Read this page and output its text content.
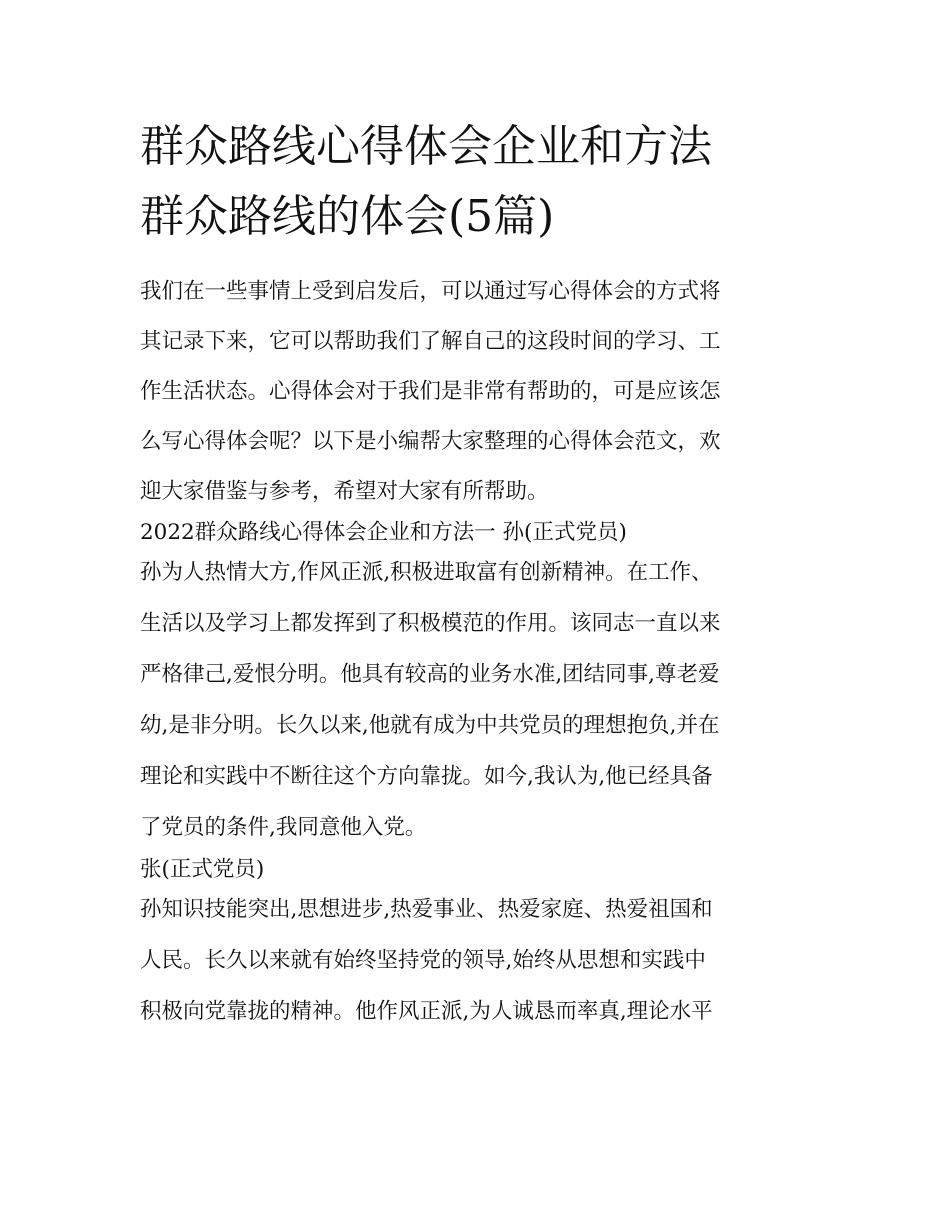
群众路线心得体会企业和方法
群众路线的体会(5篇)
我们在一些事情上受到启发后，可以通过写心得体会的方式将
其记录下来，它可以帮助我们了解自己的这段时间的学习、工
作生活状态。心得体会对于我们是非常有帮助的，可是应该怎
么写心得体会呢？以下是小编帮大家整理的心得体会范文，欢
迎大家借鉴与参考，希望对大家有所帮助。

2022群众路线心得体会企业和方法一 孙(正式党员)

孙为人热情大方,作风正派,积极进取富有创新精神。在工作、
生活以及学习上都发挥到了积极模范的作用。该同志一直以来
严格律己,爱恨分明。他具有较高的业务水准,团结同事,尊老爱
幼,是非分明。长久以来,他就有成为中共党员的理想抱负,并在
理论和实践中不断往这个方向靠拢。如今,我认为,他已经具备
了党员的条件,我同意他入党。

张(正式党员)

孙知识技能突出,思想进步,热爱事业、热爱家庭、热爱祖国和
人民。长久以来就有始终坚持党的领导,始终从思想和实践中
积极向党靠拢的精神。他作风正派,为人诚恳而率真,理论水平
